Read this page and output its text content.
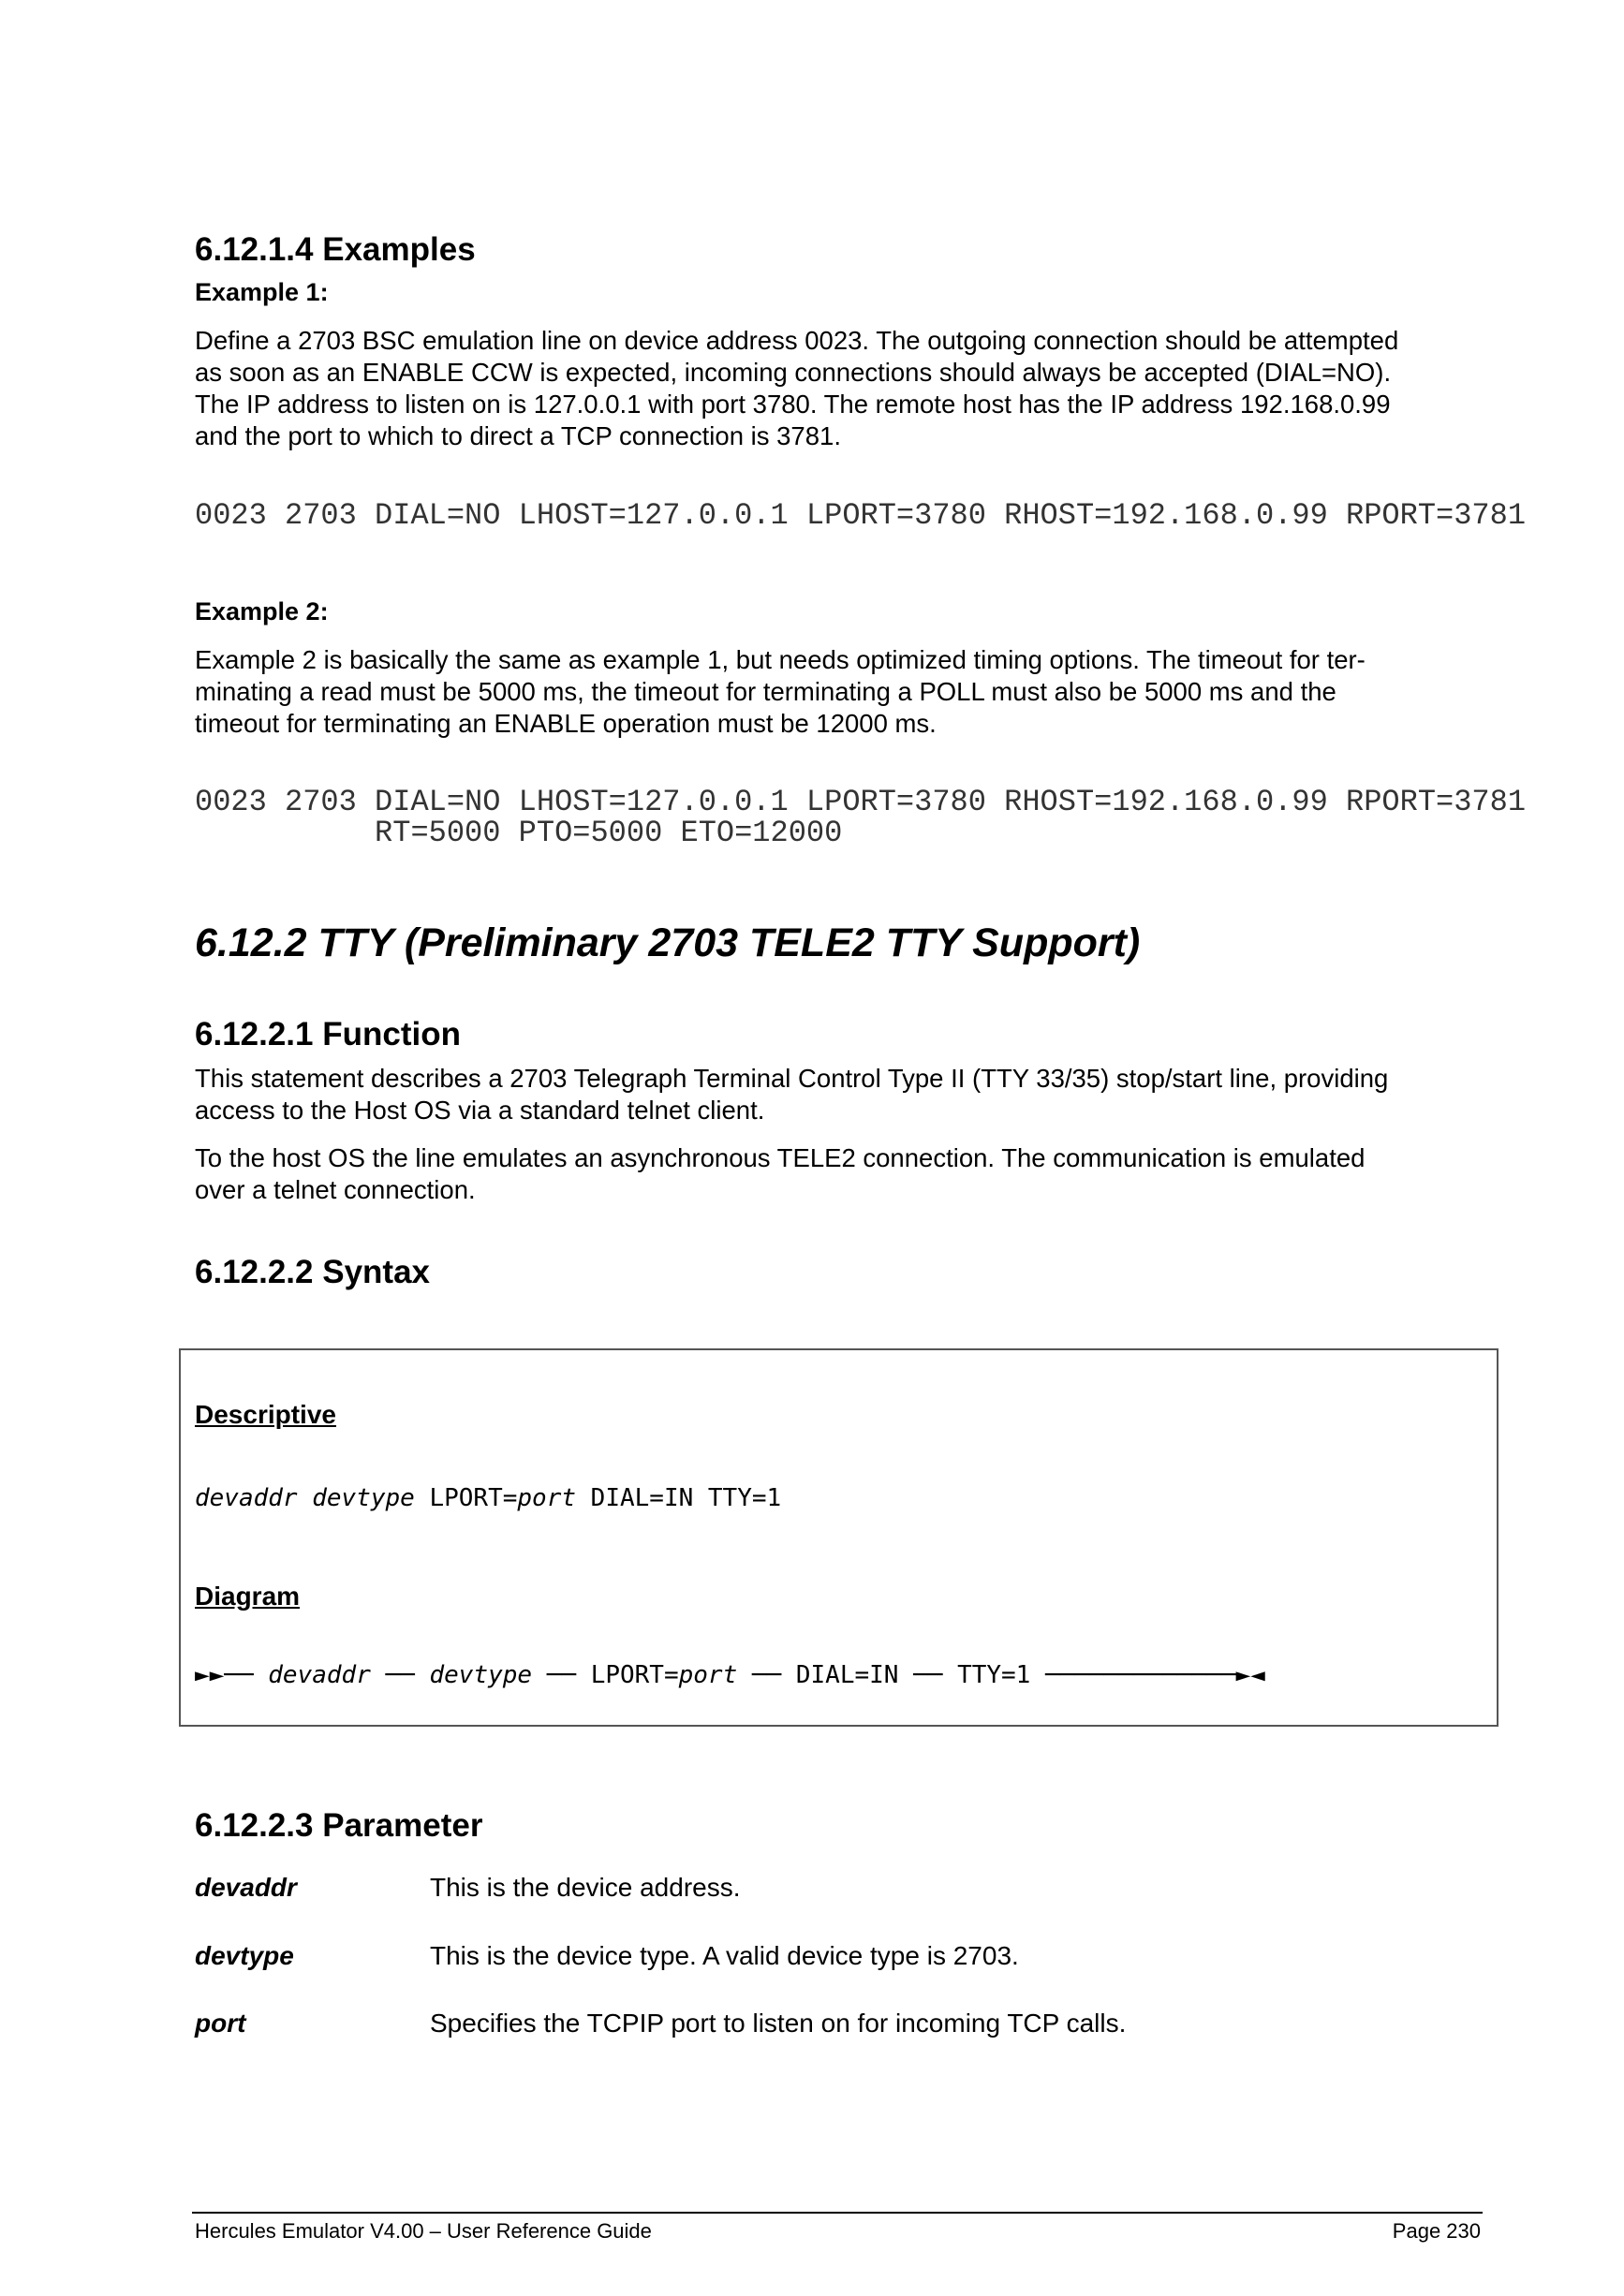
6.12.1.4 Examples
Example 1:
Define a 2703 BSC emulation line on device address 0023. The outgoing connection should be attempted
as soon as an ENABLE CCW is expected, incoming connections should always be accepted (DIAL=NO).
The IP address to listen on is 127.0.0.1 with port 3780. The remote host has the IP address 192.168.0.99
and the port to which to direct a TCP connection is 3781.
0023 2703 DIAL=NO LHOST=127.0.0.1 LPORT=3780 RHOST=192.168.0.99 RPORT=3781
Example 2:
Example 2 is basically the same as example 1, but needs optimized timing options. The timeout for ter-
minating a read must be 5000 ms, the timeout for terminating a POLL must also be 5000 ms and the
timeout for terminating an ENABLE operation must be 12000 ms.
0023 2703 DIAL=NO LHOST=127.0.0.1 LPORT=3780 RHOST=192.168.0.99 RPORT=3781
RT=5000 PTO=5000 ETO=12000
6.12.2 TTY (Preliminary 2703 TELE2 TTY Support)
6.12.2.1 Function
This statement describes a 2703 Telegraph Terminal Control Type II (TTY 33/35) stop/start line, providing
access to the Host OS via a standard telnet client.
To the host OS the line emulates an asynchronous TELE2 connection. The communication is emulated
over a telnet connection.
6.12.2.2 Syntax
Descriptive
devaddr devtype LPORT=port DIAL=IN TTY=1
Diagram
►►── devaddr ── devtype ── LPORT=port ── DIAL=IN ── TTY=1 ─────────────►◄
6.12.2.3 Parameter
devaddr	This is the device address.
devtype	This is the device type. A valid device type is 2703.
port	Specifies the TCPIP port to listen on for incoming TCP calls.
Hercules Emulator V4.00 – User Reference Guide	Page 230
